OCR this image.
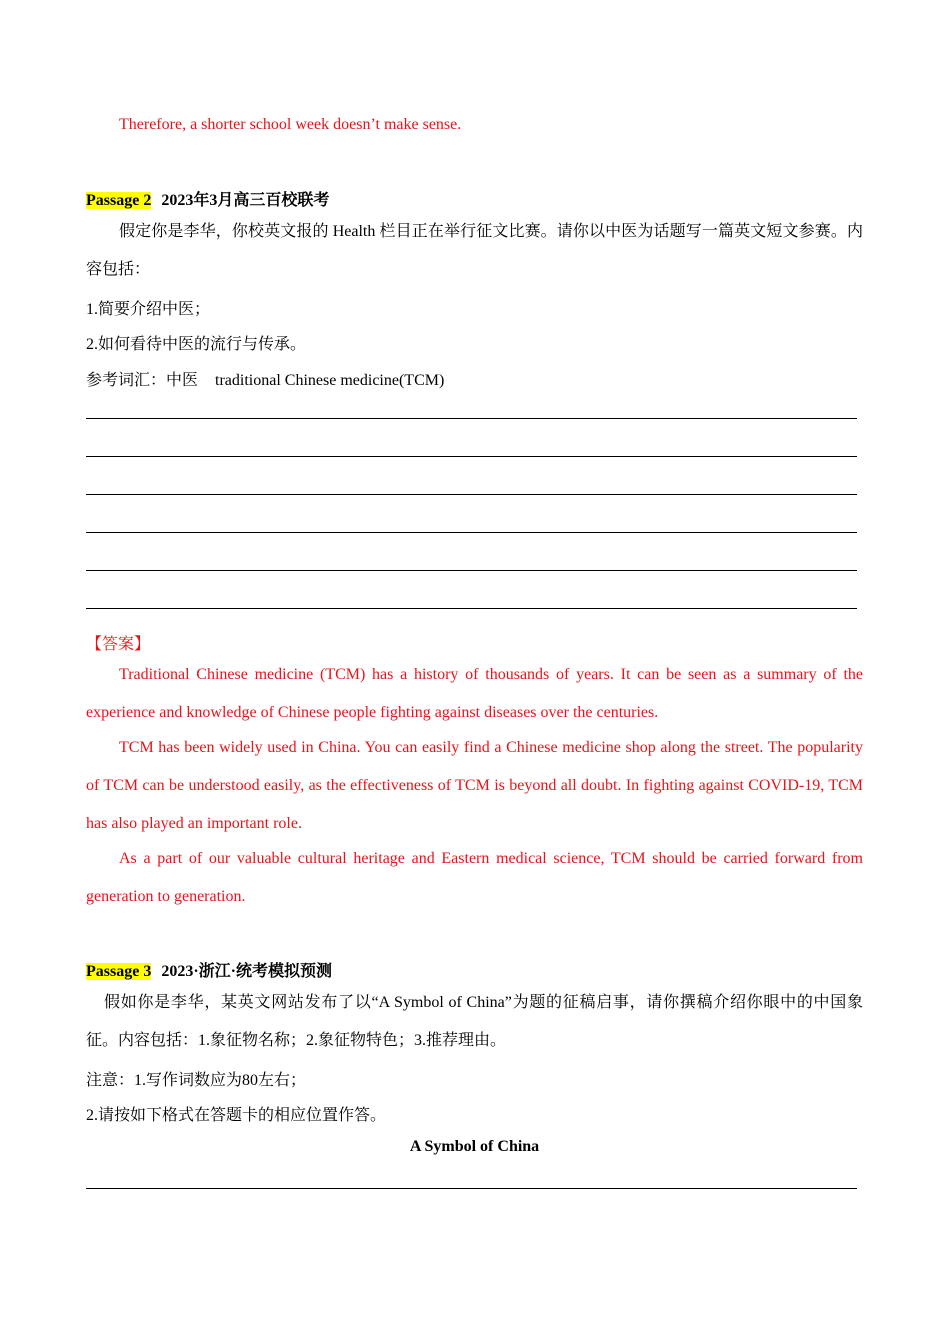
Therefore, a shorter school week doesn’t make sense.
Passage 2 2023年3月高三百校联考
假定你是李华，你校英文报的 Health 栏目正在举行征文比赛。请你以中医为话题写一篇英文短文参赛。内容包括：
1.简要介绍中医；
2.如何看待中医的流行与传承。
参考词汇：中医 traditional Chinese medicine(TCM)
【答案】
Traditional Chinese medicine (TCM) has a history of thousands of years. It can be seen as a summary of the experience and knowledge of Chinese people fighting against diseases over the centuries.
TCM has been widely used in China. You can easily find a Chinese medicine shop along the street. The popularity of TCM can be understood easily, as the effectiveness of TCM is beyond all doubt. In fighting against COVID-19, TCM has also played an important role.
As a part of our valuable cultural heritage and Eastern medical science, TCM should be carried forward from generation to generation.
Passage 3 2023·浙江·统考模拟预测
假如你是李华，某英文网站发布了以“A Symbol of China”为题的征稿启事，请你撰稿介绍你眼中的中国象征。内容包括：1.象征物名称；2.象征物特色；3.推荐理由。
注意：1.写作词数应为80左右；
2.请按如下格式在答题卡的相应位置作答。
A Symbol of China
